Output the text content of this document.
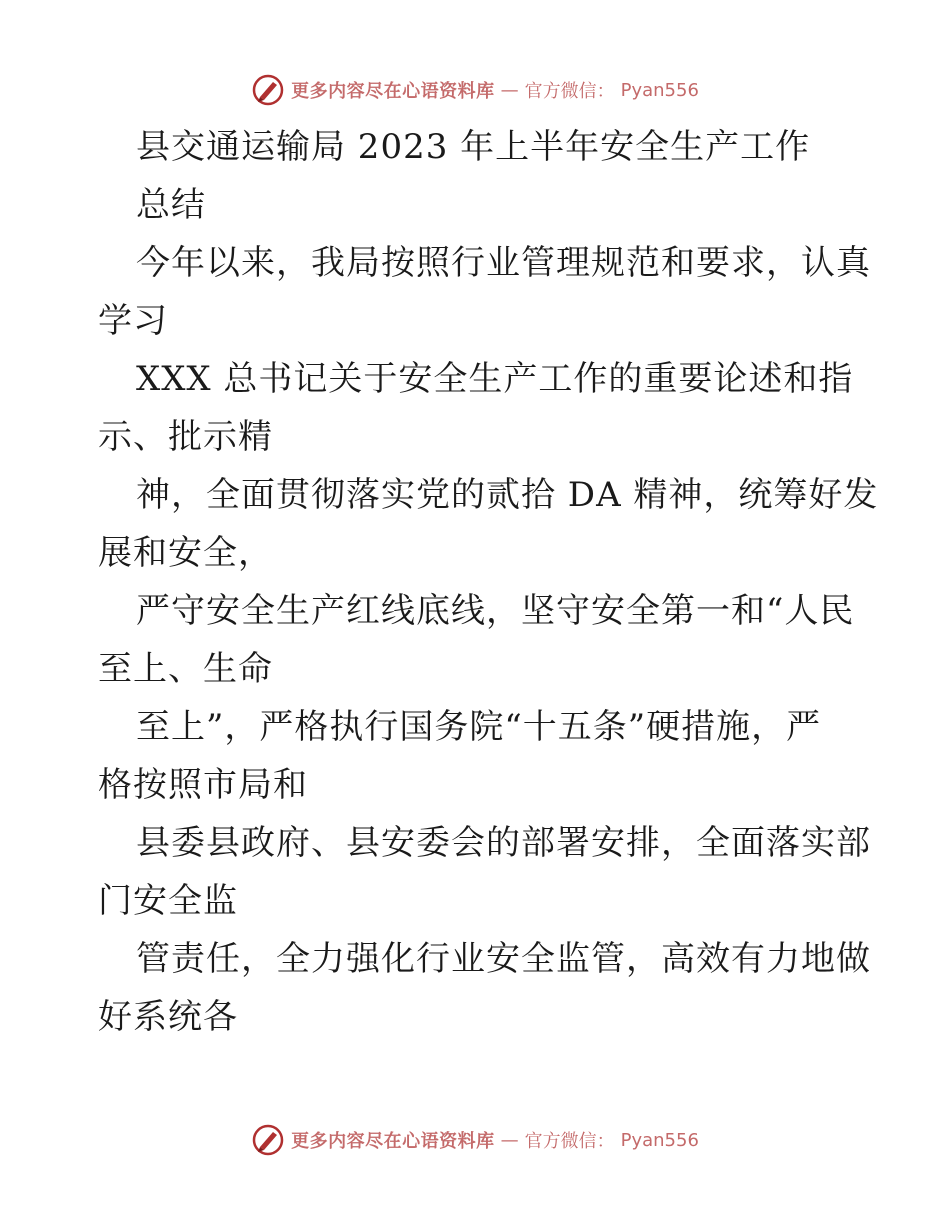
更多内容尽在心语资料库 — 官方微信： Pyan556
县交通运输局 2023 年上半年安全生产工作
总结
今年以来，我局按照行业管理规范和要求，认真
学习
XXX 总书记关于安全生产工作的重要论述和指
示、批示精
神，全面贯彻落实党的贰拾 DA 精神，统筹好发
展和安全，
严守安全生产红线底线，坚守安全第一和“人民
至上、生命
至上”，严格执行国务院“十五条”硬措施，严
格按照市局和
县委县政府、县安委会的部署安排，全面落实部
门安全监
管责任，全力强化行业安全监管，高效有力地做
好系统各
更多内容尽在心语资料库 — 官方微信： Pyan556
